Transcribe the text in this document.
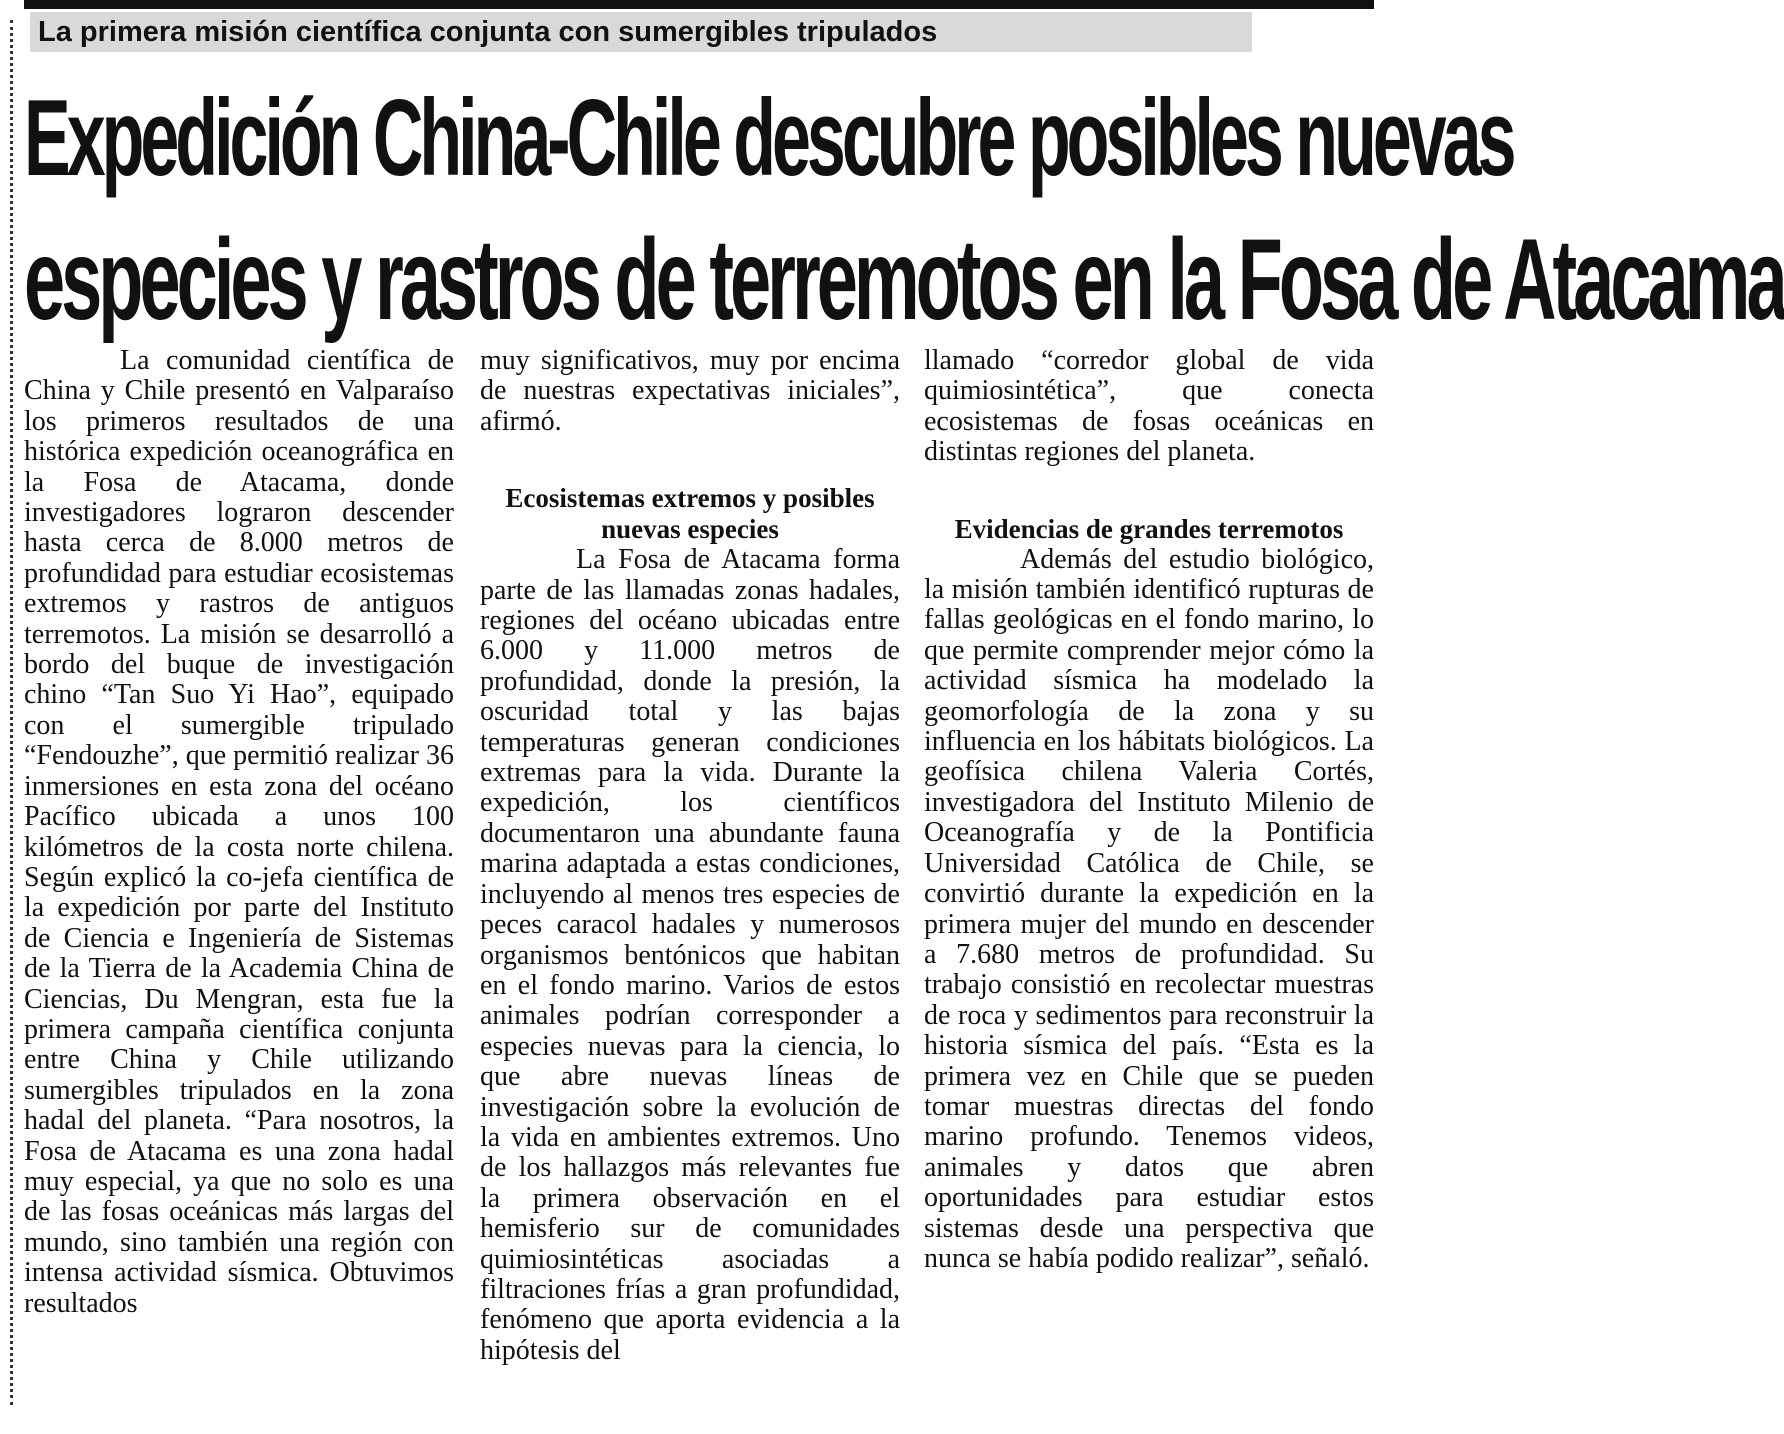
La primera misión científica conjunta con sumergibles tripulados
Expedición China-Chile descubre posibles nuevas
especies y rastros de terremotos en la Fosa de Atacama

La comunidad científica de China y Chile presentó en Valparaíso los primeros resultados de una histórica expedición oceanográfica en la Fosa de Atacama, donde investigadores lograron descender hasta cerca de 8.000 metros de profundidad para estudiar ecosistemas extremos y rastros de antiguos terremotos. La misión se desarrolló a bordo del buque de investigación chino “Tan Suo Yi Hao”, equipado con el sumergible tripulado “Fendouzhe”, que permitió realizar 36 inmersiones en esta zona del océano Pacífico ubicada a unos 100 kilómetros de la costa norte chilena. Según explicó la co-jefa científica de la expedición por parte del Instituto de Ciencia e Ingeniería de Sistemas de la Tierra de la Academia China de Ciencias, Du Mengran, esta fue la primera campaña científica conjunta entre China y Chile utilizando sumergibles tripulados en la zona hadal del planeta. “Para nosotros, la Fosa de Atacama es una zona hadal muy especial, ya que no solo es una de las fosas oceánicas más largas del mundo, sino también una región con intensa actividad sísmica. Obtuvimos resultados

muy significativos, muy por encima de nuestras expectativas iniciales”, afirmó.

Ecosistemas extremos y posibles nuevas especies

La Fosa de Atacama forma parte de las llamadas zonas hadales, regiones del océano ubicadas entre 6.000 y 11.000 metros de profundidad, donde la presión, la oscuridad total y las bajas temperaturas generan condiciones extremas para la vida. Durante la expedición, los científicos documentaron una abundante fauna marina adaptada a estas condiciones, incluyendo al menos tres especies de peces caracol hadales y numerosos organismos bentónicos que habitan en el fondo marino. Varios de estos animales podrían corresponder a especies nuevas para la ciencia, lo que abre nuevas líneas de investigación sobre la evolución de la vida en ambientes extremos. Uno de los hallazgos más relevantes fue la primera observación en el hemisferio sur de comunidades quimiosintéticas asociadas a filtraciones frías a gran profundidad, fenómeno que aporta evidencia a la hipótesis del

llamado “corredor global de vida quimiosintética”, que conecta ecosistemas de fosas oceánicas en distintas regiones del planeta.

Evidencias de grandes terremotos

Además del estudio biológico, la misión también identificó rupturas de fallas geológicas en el fondo marino, lo que permite comprender mejor cómo la actividad sísmica ha modelado la geomorfología de la zona y su influencia en los hábitats biológicos. La geofísica chilena Valeria Cortés, investigadora del Instituto Milenio de Oceanografía y de la Pontificia Universidad Católica de Chile, se convirtió durante la expedición en la primera mujer del mundo en descender a 7.680 metros de profundidad. Su trabajo consistió en recolectar muestras de roca y sedimentos para reconstruir la historia sísmica del país. “Esta es la primera vez en Chile que se pueden tomar muestras directas del fondo marino profundo. Tenemos videos, animales y datos que abren oportunidades para estudiar estos sistemas desde una perspectiva que nunca se había podido realizar”, señaló.
